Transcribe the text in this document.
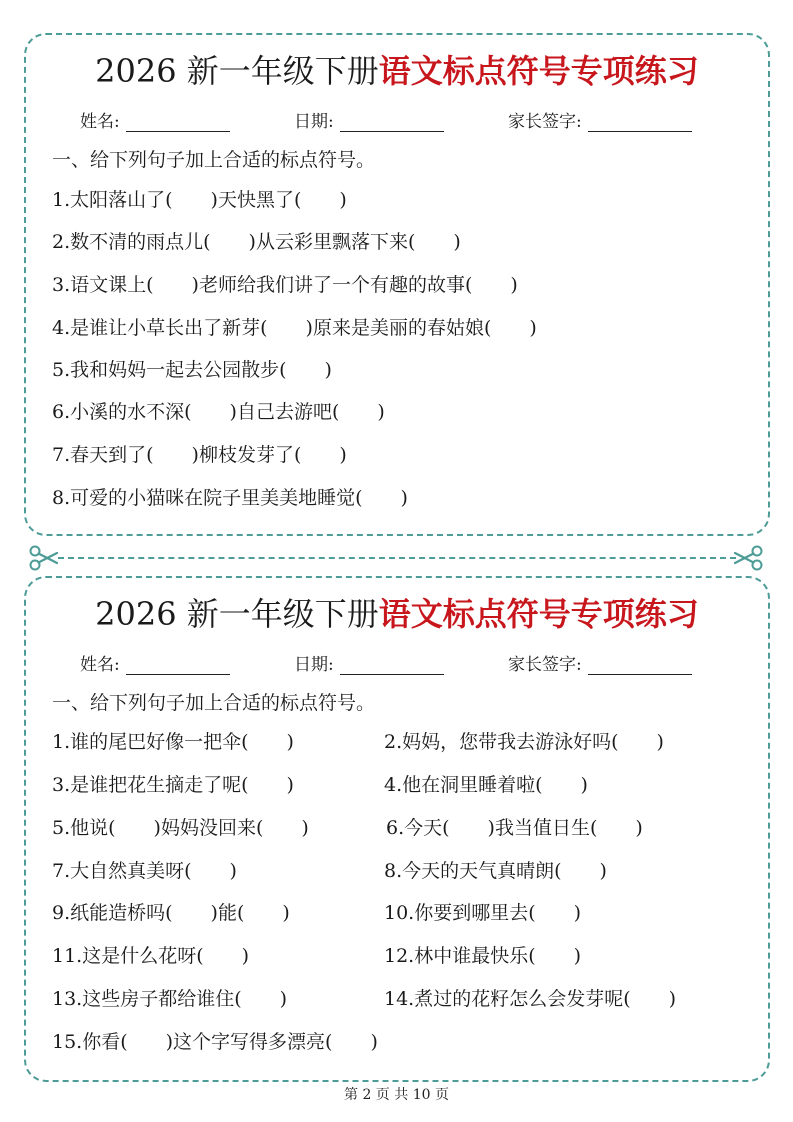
2026 新一年级下册语文标点符号专项练习
姓名:	日期:	家长签字:
一、给下列句子加上合适的标点符号。
1.太阳落山了(　　)天快黑了(　　)
2.数不清的雨点儿(　　)从云彩里飘落下来(　　)
3.语文课上(　　)老师给我们讲了一个有趣的故事(　　)
4.是谁让小草长出了新芽(　　)原来是美丽的春姑娘(　　)
5.我和妈妈一起去公园散步(　　)
6.小溪的水不深(　　)自己去游吧(　　)
7.春天到了(　　)柳枝发芽了(　　)
8.可爱的小猫咪在院子里美美地睡觉(　　)
2026 新一年级下册语文标点符号专项练习
姓名:	日期:	家长签字:
一、给下列句子加上合适的标点符号。
1.谁的尾巴好像一把伞(　　)	2.妈妈，您带我去游泳好吗(　　)
3.是谁把花生摘走了呢(　　)	4.他在洞里睡着啦(　　)
5.他说(　　)妈妈没回来(　　)	6.今天(　　)我当值日生(　　)
7.大自然真美呀(　　)	8.今天的天气真晴朗(　　)
9.纸能造桥吗(　　)能(　　)	10.你要到哪里去(　　)
11.这是什么花呀(　　)	12.林中谁最快乐(　　)
13.这些房子都给谁住(　　)	14.煮过的花籽怎么会发芽呢(　　)
15.你看(　　)这个字写得多漂亮(　　)
第 2 页 共 10 页
